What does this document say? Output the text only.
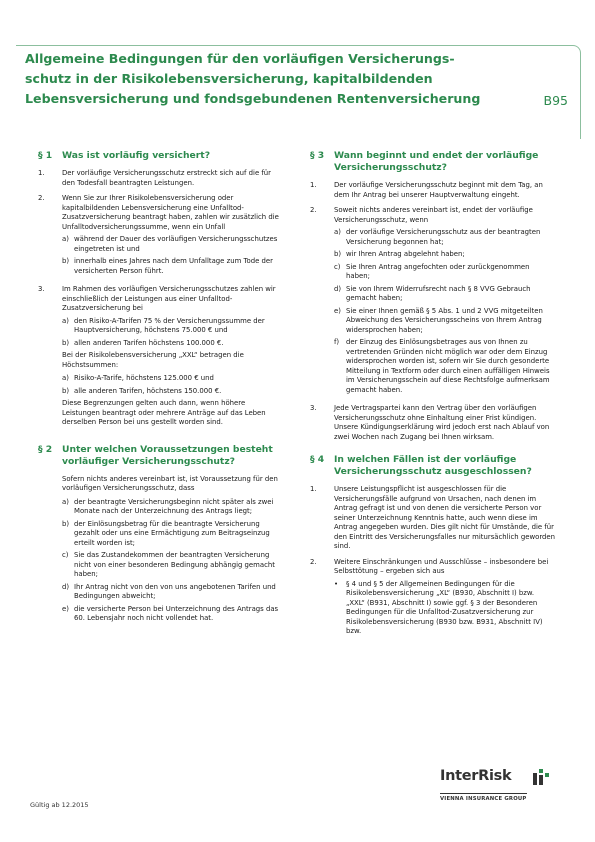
Allgemeine Bedingungen für den vorläufigen Versicherungs-
schutz in der Risikolebensversicherung, kapitalbildenden
Lebensversicherung und fondsgebundenen Rentenversicherung	B95
§ 1	Was ist vorläufig versichert?
1.	Der vorläufige Versicherungsschutz erstreckt sich auf die für den Todesfall beantragten Leistungen.
2.	Wenn Sie zur Ihrer Risikolebensversicherung oder kapitalbildenden Lebensversicherung eine Unfalltod-Zusatzversicherung beantragt haben, zahlen wir zusätzlich die Unfalltodversicherungssumme, wenn ein Unfall
a) während der Dauer des vorläufigen Versicherungsschutzes eingetreten ist und
b) innerhalb eines Jahres nach dem Unfalltage zum Tode der versicherten Person führt.
3.	Im Rahmen des vorläufigen Versicherungsschutzes zahlen wir einschließlich der Leistungen aus einer Unfalltod-Zusatzversicherung bei
a) den Risiko-A-Tarifen 75 % der Versicherungssumme der Hauptversicherung, höchstens 75.000 € und
b) allen anderen Tarifen höchstens 100.000 €.
Bei der Risikolebensversicherung „XXL“ betragen die Höchstsummen:
a) Risiko-A-Tarife, höchstens 125.000 € und
b) alle anderen Tarifen, höchstens 150.000 €.
Diese Begrenzungen gelten auch dann, wenn höhere Leistungen beantragt oder mehrere Anträge auf das Leben derselben Person bei uns gestellt worden sind.
§ 2	Unter welchen Voraussetzungen besteht vorläufiger Versicherungsschutz?
Sofern nichts anderes vereinbart ist, ist Voraussetzung für den vorläufigen Versicherungsschutz, dass
a) der beantragte Versicherungsbeginn nicht später als zwei Monate nach der Unterzeichnung des Antrags liegt;
b) der Einlösungsbetrag für die beantragte Versicherung gezahlt oder uns eine Ermächtigung zum Beitragseinzug erteilt worden ist;
c) Sie das Zustandekommen der beantragten Versicherung nicht von einer besonderen Bedingung abhängig gemacht haben;
d) Ihr Antrag nicht von den von uns angebotenen Tarifen und Bedingungen abweicht;
e) die versicherte Person bei Unterzeichnung des Antrags das 60. Lebensjahr noch nicht vollendet hat.
§ 3	Wann beginnt und endet der vorläufige Versicherungsschutz?
1.	Der vorläufige Versicherungsschutz beginnt mit dem Tag, an dem Ihr Antrag bei unserer Hauptverwaltung eingeht.
2.	Soweit nichts anderes vereinbart ist, endet der vorläufige Versicherungsschutz, wenn
a) der vorläufige Versicherungsschutz aus der beantragten Versicherung begonnen hat;
b) wir Ihren Antrag abgelehnt haben;
c) Sie Ihren Antrag angefochten oder zurückgenommen haben;
d) Sie von Ihrem Widerrufsrecht nach § 8 VVG Gebrauch gemacht haben;
e) Sie einer Ihnen gemäß § 5 Abs. 1 und 2 VVG mitgeteilten Abweichung des Versicherungsscheins von Ihrem Antrag widersprochen haben;
f) der Einzug des Einlösungsbetrages aus von Ihnen zu vertretenden Gründen nicht möglich war oder dem Einzug widersprochen worden ist, sofern wir Sie durch gesonderte Mitteilung in Textform oder durch einen auffälligen Hinweis im Versicherungsschein auf diese Rechtsfolge aufmerksam gemacht haben.
3.	Jede Vertragspartei kann den Vertrag über den vorläufigen Versicherungsschutz ohne Einhaltung einer Frist kündigen. Unsere Kündigungserklärung wird jedoch erst nach Ablauf von zwei Wochen nach Zugang bei Ihnen wirksam.
§ 4	In welchen Fällen ist der vorläufige Versicherungsschutz ausgeschlossen?
1.	Unsere Leistungspflicht ist ausgeschlossen für die Versicherungsfälle aufgrund von Ursachen, nach denen im Antrag gefragt ist und von denen die versicherte Person vor seiner Unterzeichnung Kenntnis hatte, auch wenn diese im Antrag angegeben wurden. Dies gilt nicht für Umstände, die für den Eintritt des Versicherungsfalles nur mitursächlich geworden sind.
2.	Weitere Einschränkungen und Ausschlüsse – insbesondere bei Selbsttötung – ergeben sich aus
•	§ 4 und § 5 der Allgemeinen Bedingungen für die Risikolebensversicherung „XL“ (B930, Abschnitt I) bzw. „XXL“ (B931, Abschnitt I) sowie ggf. § 3 der Besonderen Bedingungen für die Unfalltod-Zusatzversicherung zur Risikolebensversicherung (B930 bzw. B931, Abschnitt IV) bzw.
Gültig ab 12.2015
InterRisk
VIENNA INSURANCE GROUP
